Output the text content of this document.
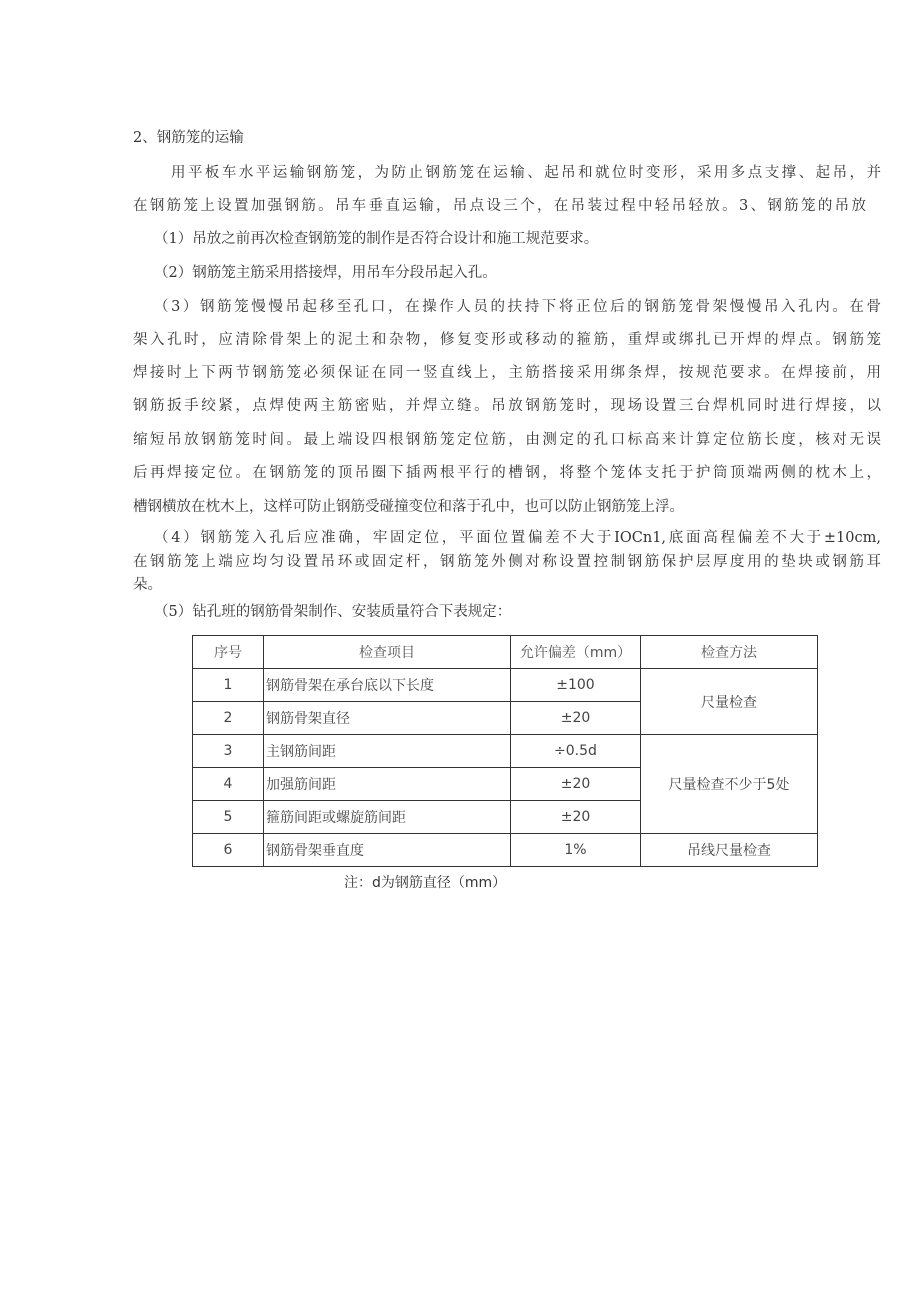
2、钢筋笼的运输
用平板车水平运输钢筋笼，为防止钢筋笼在运输、起吊和就位时变形，采用多点支撑、起吊，并
在钢筋笼上设置加强钢筋。吊车垂直运输，吊点设三个，在吊装过程中轻吊轻放。3、钢筋笼的吊放
（1）吊放之前再次检查钢筋笼的制作是否符合设计和施工规范要求。
（2）钢筋笼主筋采用搭接焊，用吊车分段吊起入孔。
（3）钢筋笼慢慢吊起移至孔口，在操作人员的扶持下将正位后的钢筋笼骨架慢慢吊入孔内。在骨
架入孔时，应清除骨架上的泥土和杂物，修复变形或移动的箍筋，重焊或绑扎已开焊的焊点。钢筋笼
焊接时上下两节钢筋笼必须保证在同一竖直线上，主筋搭接采用绑条焊，按规范要求。在焊接前，用
钢筋扳手绞紧，点焊使两主筋密贴，并焊立缝。吊放钢筋笼时，现场设置三台焊机同时进行焊接，以
缩短吊放钢筋笼时间。最上端设四根钢筋笼定位筋，由测定的孔口标高来计算定位筋长度，核对无误
后再焊接定位。在钢筋笼的顶吊圈下插两根平行的槽钢，将整个笼体支托于护筒顶端两侧的枕木上，
槽钢横放在枕木上，这样可防止钢筋受碰撞变位和落于孔中，也可以防止钢筋笼上浮。
（4）钢筋笼入孔后应准确，牢固定位，平面位置偏差不大于IOCn1,底面高程偏差不大于±10cm,
在钢筋笼上端应均匀设置吊环或固定杆，钢筋笼外侧对称设置控制钢筋保护层厚度用的垫块或钢筋耳
朵。
（5）钻孔班的钢筋骨架制作、安装质量符合下表规定：
序号	检查项目	允许偏差（mm）	检查方法
1	钢筋骨架在承台底以下长度	±100	尺量检查
2	钢筋骨架直径	±20	
3	主钢筋间距	÷0.5d	尺量检查不少于5处
4	加强筋间距	±20	
5	箍筋间距或螺旋筋间距	±20	
6	钢筋骨架垂直度	1%	吊线尺量检查
注：d为钢筋直径（mm）
